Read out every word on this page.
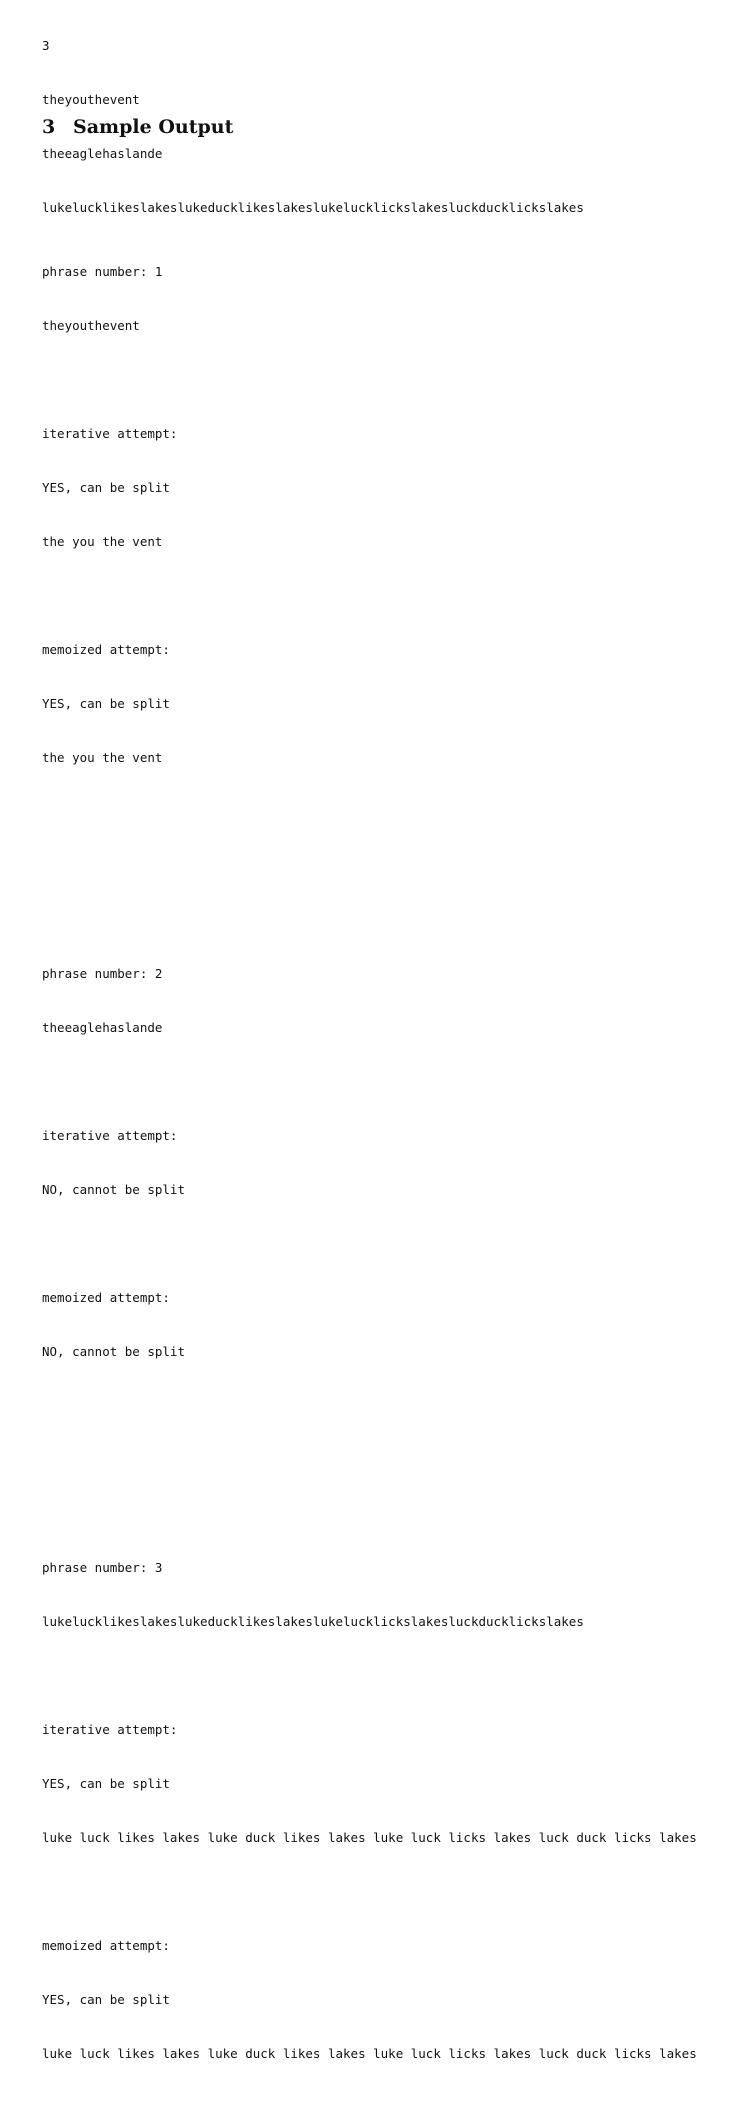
3

theyouthevent

theeaglehaslande

lukelucklikeslakeslukeducklikeslakeslukelucklickslakesluckducklickslakes

3 Sample Output

phrase number: 1

theyouthevent

iterative attempt:

YES, can be split

the you the vent

memoized attempt:

YES, can be split

the you the vent

phrase number: 2

theeaglehaslande

iterative attempt:

NO, cannot be split

memoized attempt:

NO, cannot be split

phrase number: 3

lukelucklikeslakeslukeducklikeslakeslukelucklickslakesluckducklickslakes

iterative attempt:

YES, can be split

luke luck likes lakes luke duck likes lakes luke luck licks lakes luck duck licks lakes

memoized attempt:

YES, can be split

luke luck likes lakes luke duck likes lakes luke luck licks lakes luck duck licks lakes
